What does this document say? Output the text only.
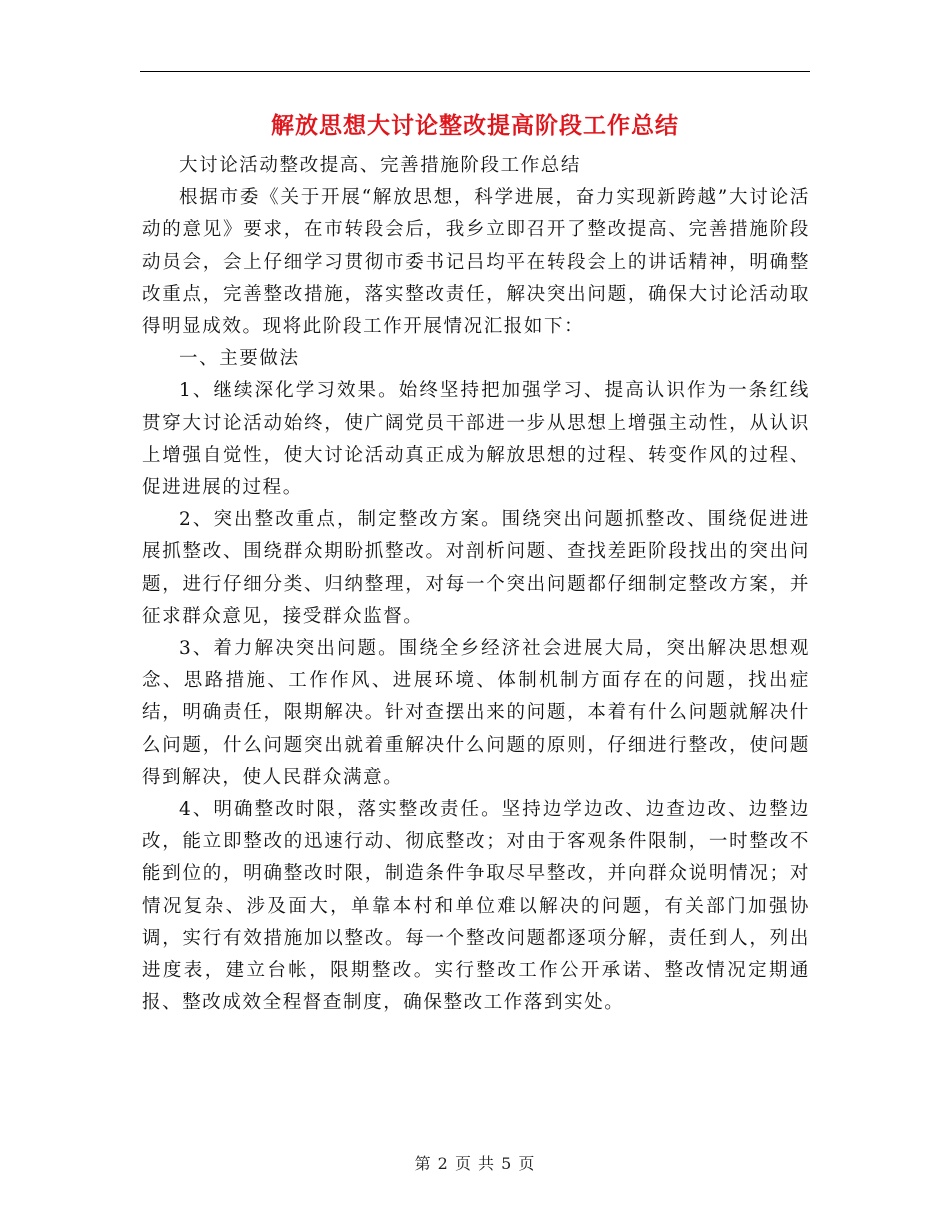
解放思想大讨论整改提高阶段工作总结

大讨论活动整改提高、完善措施阶段工作总结

根据市委《关于开展“解放思想，科学进展，奋力实现新跨越”大讨论活动的意见》要求，在市转段会后，我乡立即召开了整改提高、完善措施阶段动员会，会上仔细学习贯彻市委书记吕均平在转段会上的讲话精神，明确整改重点，完善整改措施，落实整改责任，解决突出问题，确保大讨论活动取得明显成效。现将此阶段工作开展情况汇报如下：

一、主要做法

1、继续深化学习效果。始终坚持把加强学习、提高认识作为一条红线贯穿大讨论活动始终，使广阔党员干部进一步从思想上增强主动性，从认识上增强自觉性，使大讨论活动真正成为解放思想的过程、转变作风的过程、促进进展的过程。

2、突出整改重点，制定整改方案。围绕突出问题抓整改、围绕促进进展抓整改、围绕群众期盼抓整改。对剖析问题、查找差距阶段找出的突出问题，进行仔细分类、归纳整理，对每一个突出问题都仔细制定整改方案，并征求群众意见，接受群众监督。

3、着力解决突出问题。围绕全乡经济社会进展大局，突出解决思想观念、思路措施、工作作风、进展环境、体制机制方面存在的问题，找出症结，明确责任，限期解决。针对查摆出来的问题，本着有什么问题就解决什么问题，什么问题突出就着重解决什么问题的原则，仔细进行整改，使问题得到解决，使人民群众满意。

4、明确整改时限，落实整改责任。坚持边学边改、边查边改、边整边改，能立即整改的迅速行动、彻底整改；对由于客观条件限制，一时整改不能到位的，明确整改时限，制造条件争取尽早整改，并向群众说明情况；对情况复杂、涉及面大，单靠本村和单位难以解决的问题，有关部门加强协调，实行有效措施加以整改。每一个整改问题都逐项分解，责任到人，列出进度表，建立台帐，限期整改。实行整改工作公开承诺、整改情况定期通报、整改成效全程督查制度，确保整改工作落到实处。

第 2 页 共 5 页
